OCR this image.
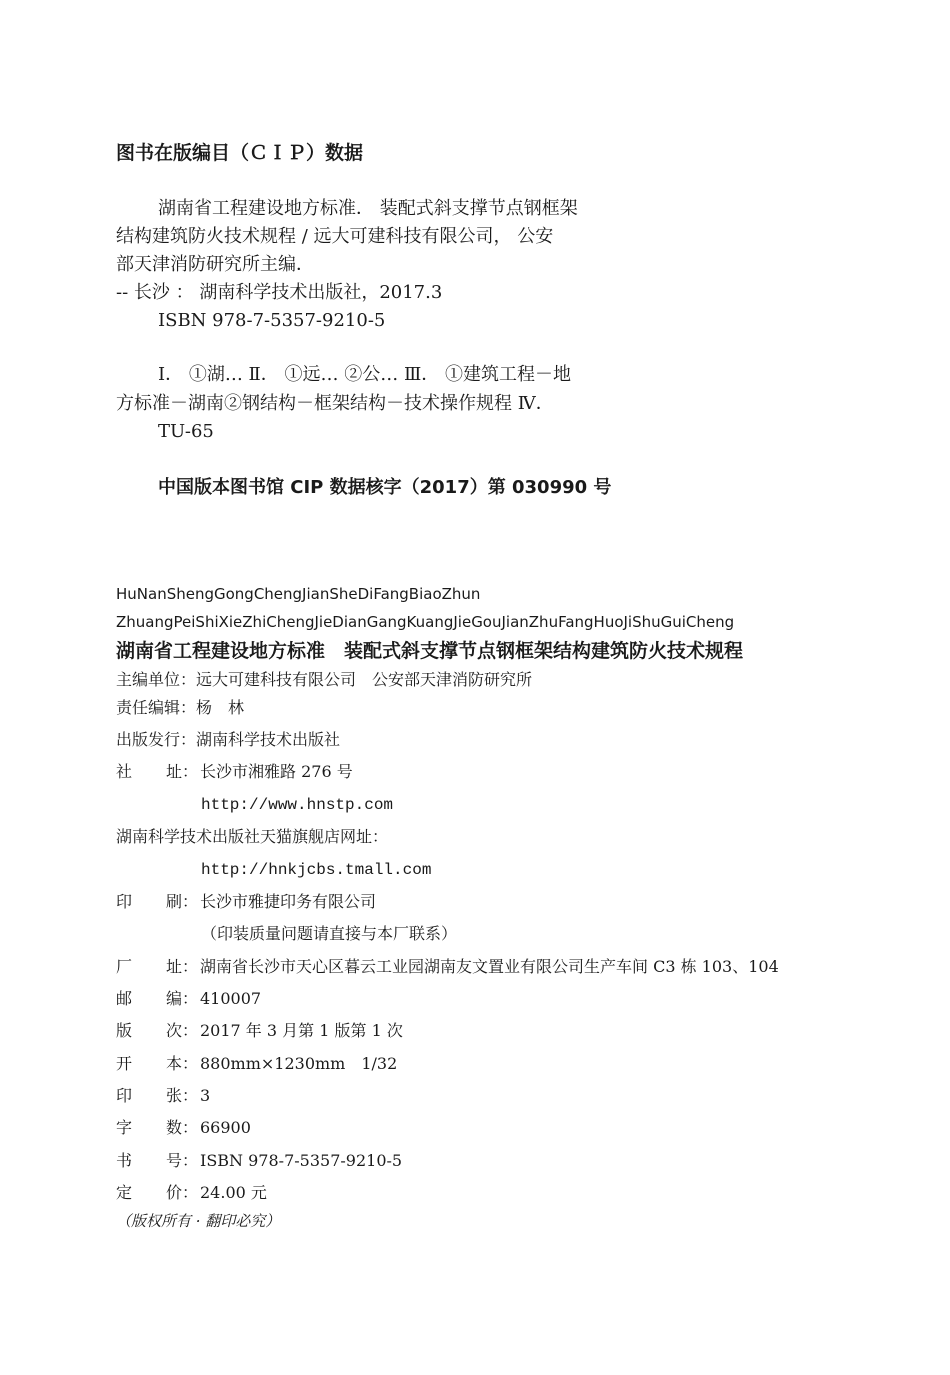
图书在版编目（ＣＩＰ）数据
湖南省工程建设地方标准． 装配式斜支撑节点钢框架
结构建筑防火技术规程 / 远大可建科技有限公司， 公安
部天津消防研究所主编．
-- 长沙 ： 湖南科学技术出版社，2017.3
ISBN 978-7-5357-9210-5
Ⅰ． ①湖… Ⅱ． ①远… ②公… Ⅲ． ①建筑工程－地
方标准－湖南②钢结构－框架结构－技术操作规程 Ⅳ．
TU-65
中国版本图书馆 CIP 数据核字（2017）第 030990 号
HuNanShengGongChengJianSheDiFangBiaoZhun
ZhuangPeiShiXieZhiChengJieDianGangKuangJieGouJianZhuFangHuoJiShuGuiCheng
湖南省工程建设地方标准　装配式斜支撑节点钢框架结构建筑防火技术规程
主编单位：远大可建科技有限公司　公安部天津消防研究所
责任编辑：杨　林
出版发行：湖南科学技术出版社
社 址： 长沙市湘雅路 276 号
http://www.hnstp.com
湖南科学技术出版社天猫旗舰店网址：
http://hnkjcbs.tmall.com
印 刷： 长沙市雅捷印务有限公司
（印装质量问题请直接与本厂联系）
厂 址： 湖南省长沙市天心区暮云工业园湖南友文置业有限公司生产车间 C3 栋 103、104
邮 编： 410007
版 次： 2017 年 3 月第 1 版第 1 次
开 本： 880mm×1230mm　1/32
印 张： 3
字 数： 66900
书 号： ISBN 978-7-5357-9210-5
定 价： 24.00 元
（版权所有 · 翻印必究）
